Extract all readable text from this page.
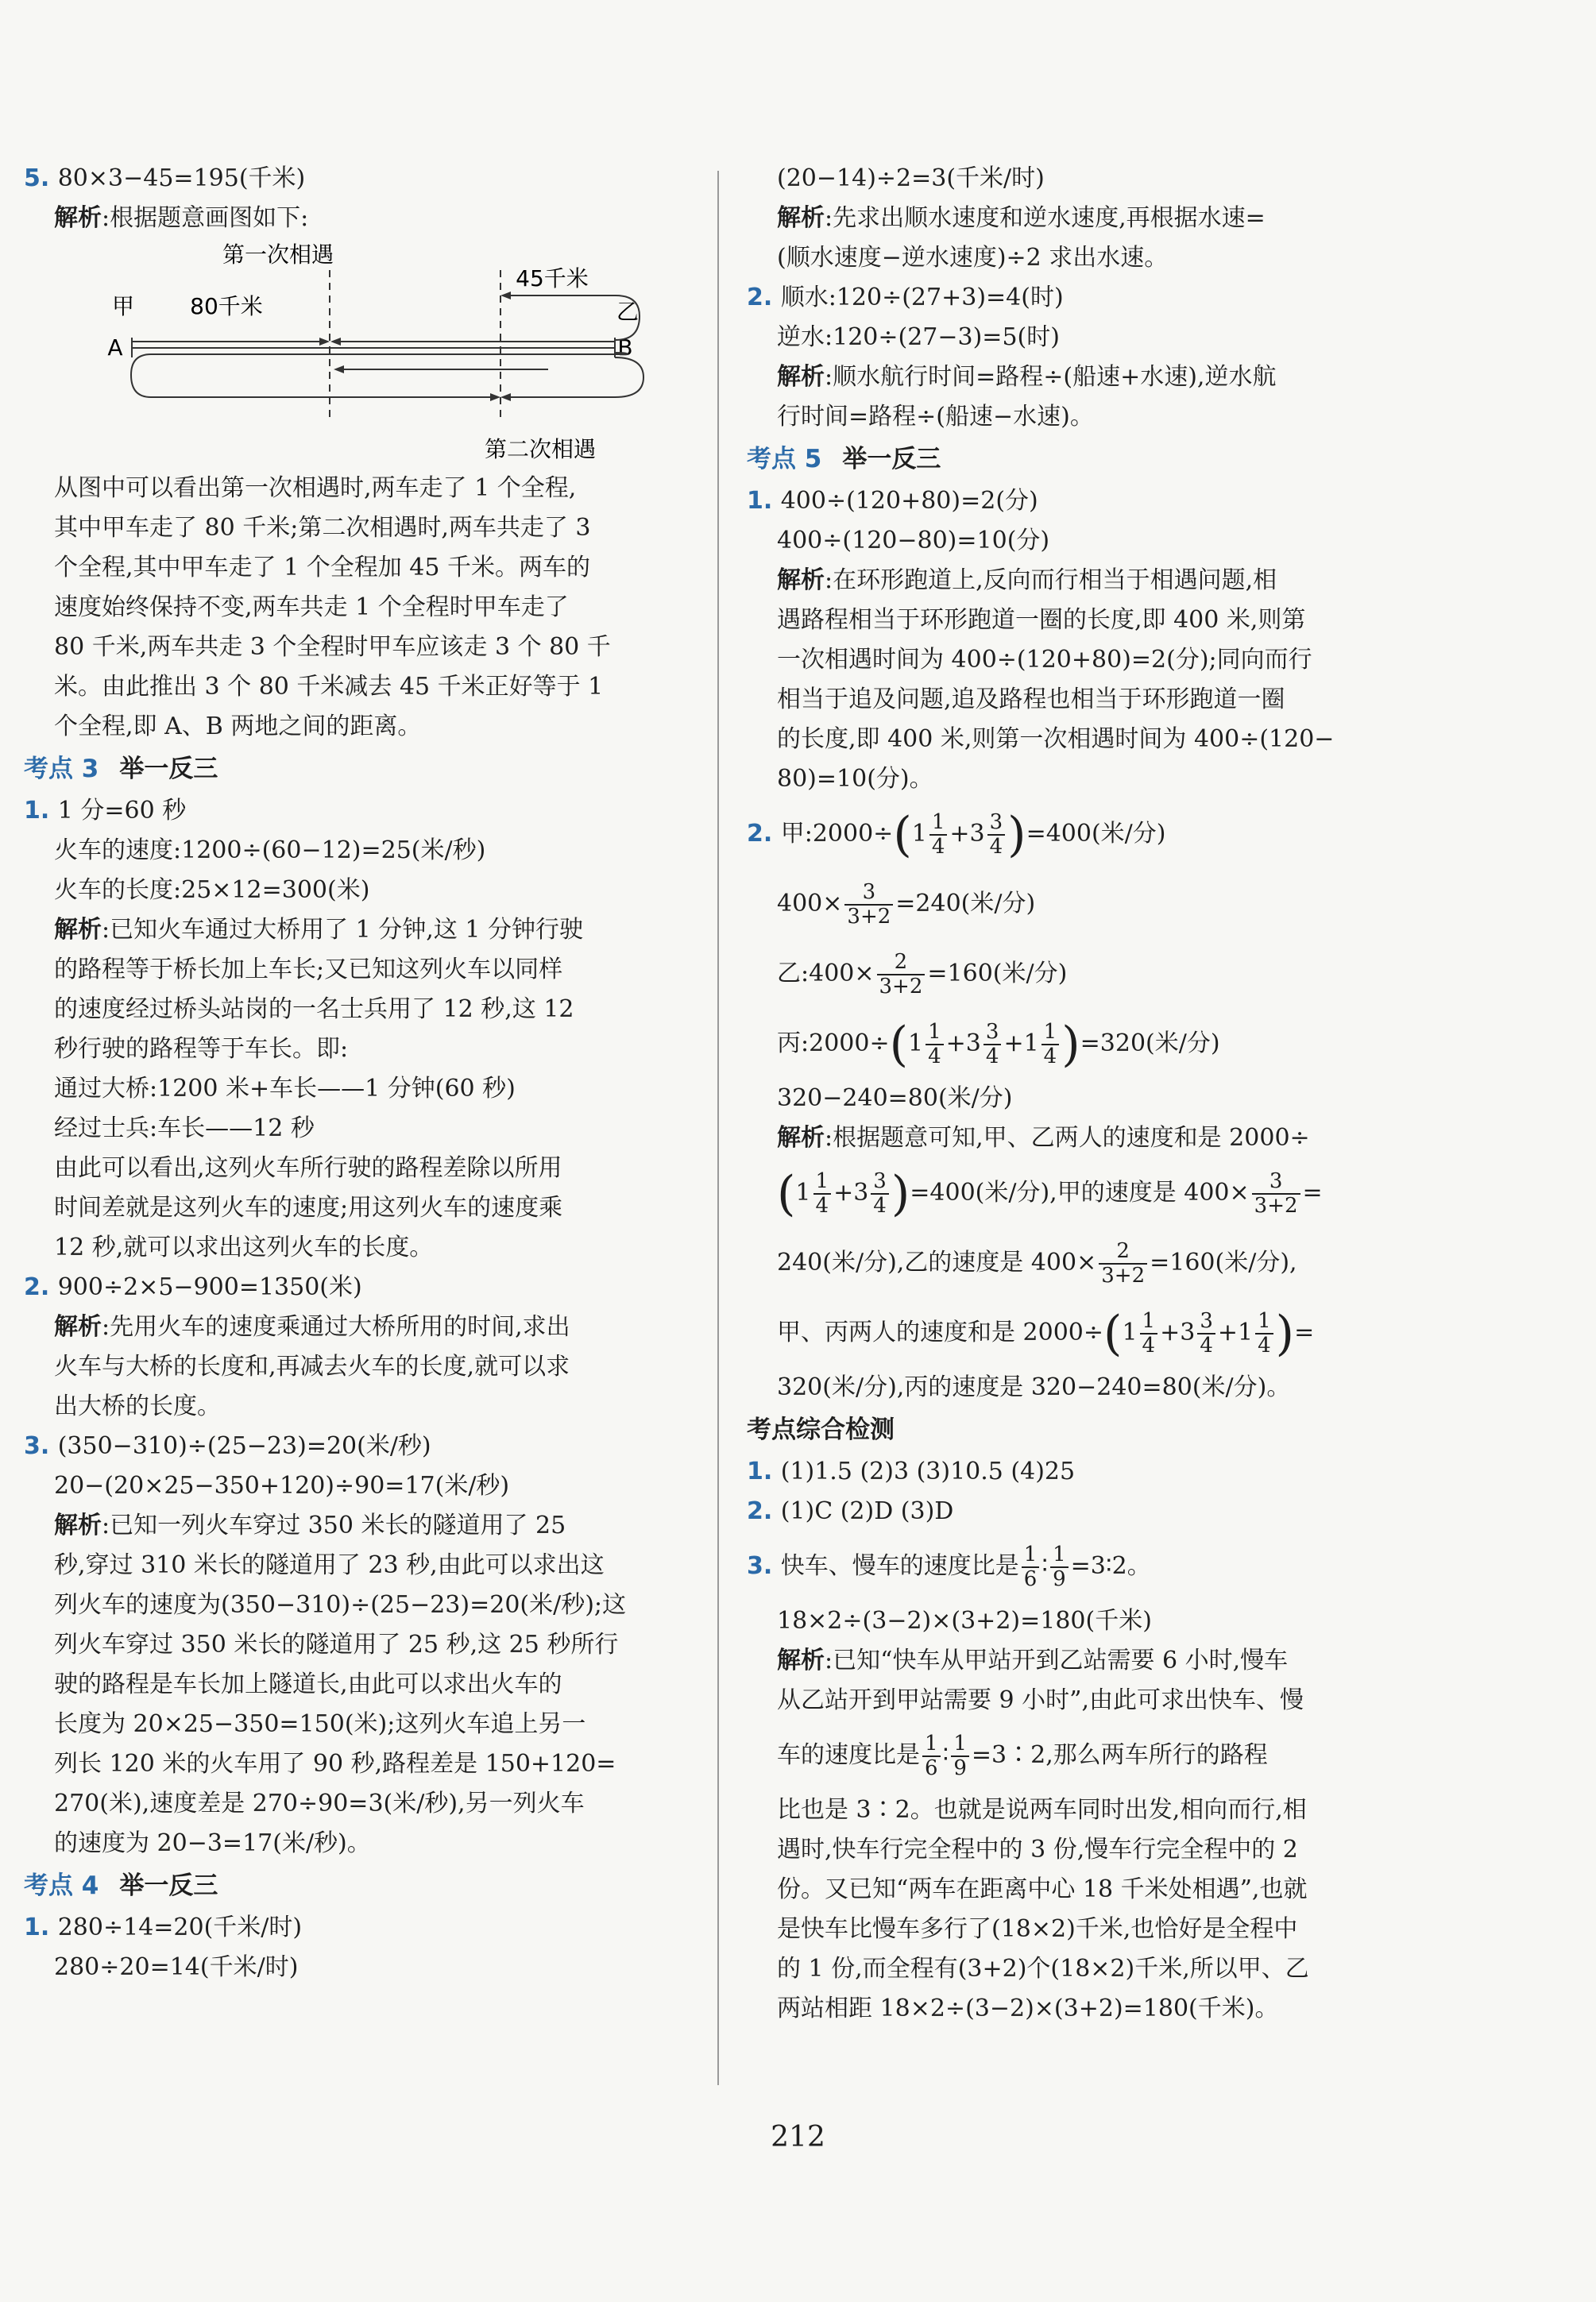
5. 80×3−45=195(千米)
解析:根据题意画图如下:
第一次相遇
甲	80千米
45千米
乙
A	B
第二次相遇
从图中可以看出第一次相遇时,两车走了 1 个全程,
其中甲车走了 80 千米;第二次相遇时,两车共走了 3
个全程,其中甲车走了 1 个全程加 45 千米。两车的
速度始终保持不变,两车共走 1 个全程时甲车走了
80 千米,两车共走 3 个全程时甲车应该走 3 个 80 千
米。由此推出 3 个 80 千米减去 45 千米正好等于 1
个全程,即 A、B 两地之间的距离。
考点 3 举一反三
1. 1 分=60 秒
火车的速度:1200÷(60−12)=25(米/秒)
火车的长度:25×12=300(米)
解析:已知火车通过大桥用了 1 分钟,这 1 分钟行驶
的路程等于桥长加上车长;又已知这列火车以同样
的速度经过桥头站岗的一名士兵用了 12 秒,这 12
秒行驶的路程等于车长。即:
通过大桥:1200 米+车长——1 分钟(60 秒)
经过士兵:车长——12 秒
由此可以看出,这列火车所行驶的路程差除以所用
时间差就是这列火车的速度;用这列火车的速度乘
12 秒,就可以求出这列火车的长度。
2. 900÷2×5−900=1350(米)
解析:先用火车的速度乘通过大桥所用的时间,求出
火车与大桥的长度和,再减去火车的长度,就可以求
出大桥的长度。
3. (350−310)÷(25−23)=20(米/秒)
20−(20×25−350+120)÷90=17(米/秒)
解析:已知一列火车穿过 350 米长的隧道用了 25
秒,穿过 310 米长的隧道用了 23 秒,由此可以求出这
列火车的速度为(350−310)÷(25−23)=20(米/秒);这
列火车穿过 350 米长的隧道用了 25 秒,这 25 秒所行
驶的路程是车长加上隧道长,由此可以求出火车的
长度为 20×25−350=150(米);这列火车追上另一
列长 120 米的火车用了 90 秒,路程差是 150+120=
270(米),速度差是 270÷90=3(米/秒),另一列火车
的速度为 20−3=17(米/秒)。
考点 4 举一反三
1. 280÷14=20(千米/时)
280÷20=14(千米/时)
(20−14)÷2=3(千米/时)
解析:先求出顺水速度和逆水速度,再根据水速=
(顺水速度−逆水速度)÷2 求出水速。
2. 顺水:120÷(27+3)=4(时)
逆水:120÷(27−3)=5(时)
解析:顺水航行时间=路程÷(船速+水速),逆水航
行时间=路程÷(船速−水速)。
考点 5 举一反三
1. 400÷(120+80)=2(分)
400÷(120−80)=10(分)
解析:在环形跑道上,反向而行相当于相遇问题,相
遇路程相当于环形跑道一圈的长度,即 400 米,则第
一次相遇时间为 400÷(120+80)=2(分);同向而行
相当于追及问题,追及路程也相当于环形跑道一圈
的长度,即 400 米,则第一次相遇时间为 400÷(120−
80)=10(分)。
2. 甲:2000÷(1 $\frac{1}{4} +3 \frac{3}{4} )=400$(米/分)
$400\times \frac{3}{3+2} =240$(米/分)
乙:400× $\frac{2}{3+2} =160$(米/分)
丙:2000÷(1 $\frac{1}{4} +3 \frac{3}{4} +1 \frac{1}{4} )=320$(米/分)
320−240=80(米/分)
解析:根据题意可知,甲、乙两人的速度和是 2000÷
$(1 \frac{1}{4} +3 \frac{3}{4} )=400$(米/分),甲的速度是 $400\times \frac{3}{3+2}$ =
240(米/分),乙的速度是 $400\times \frac{2}{3+2} =160$(米/分),
甲、丙两人的速度和是 $2000\div(1 \frac{1}{4} +3 \frac{3}{4} +1 \frac{1}{4}$ )=
320(米/分),丙的速度是 320−240=80(米/分)。
考点综合检测
1. (1)1.5 (2)3 (3)10.5 (4)25
2. (1)C (2)D (3)D
3. 快车、慢车的速度比是 $\frac{1}{6}$ ∶ $\frac{1}{9}$ =3∶2。
18×2÷(3−2)×(3+2)=180(千米)
解析:已知“快车从甲站开到乙站需要 6 小时,慢车
从乙站开到甲站需要 9 小时”,由此可求出快车、慢
车的速度比是 $\frac{1}{6}$ ∶ $\frac{1}{9}$ =3∶2,那么两车所行的路程
比也是 3∶2。也就是说两车同时出发,相向而行,相
遇时,快车行完全程中的 3 份,慢车行完全程中的 2
份。又已知“两车在距离中心 18 千米处相遇”,也就
是快车比慢车多行了(18×2)千米,也恰好是全程中
的 1 份,而全程有(3+2)个(18×2)千米,所以甲、乙
两站相距 18×2÷(3−2)×(3+2)=180(千米)。
212
